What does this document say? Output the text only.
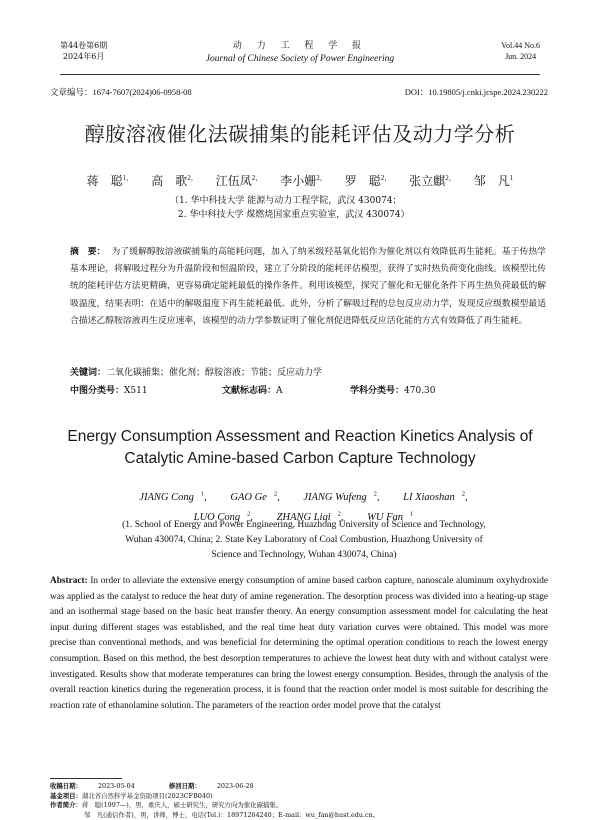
第44卷第6期
2024年6月
动 力 工 程 学 报
Journal of Chinese Society of Power Engineering
Vol.44 No.6
Jun. 2024
文章编号：1674-7607(2024)06-0958-08	DOI：10.19805/j.cnki.jcspe.2024.230222
醇胺溶液催化法碳捕集的能耗评估及动力学分析
蒋　聪$^{1,}$ 高　歌$^{2,}$ 江伍凤$^{2,}$ 李小姗$^{2,}$ 罗　聪$^{2,}$ 张立麒$^{2,}$ 邹　凡$^1$
（1. 华中科技大学 能源与动力工程学院，武汉 430074；
2. 华中科技大学 煤燃烧国家重点实验室，武汉 430074）
摘　要： 为了缓解醇胺溶液碳捕集的高能耗问题，加入了纳米级羟基氧化铝作为催化剂以有效降低再生能耗。基于传热学基本理论，将解吸过程分为升温阶段和恒温阶段，建立了分阶段的能耗评估模型，获得了实时热负荷变化曲线。该模型比传统的能耗评估方法更精确，更容易确定能耗最低的操作条件。利用该模型，探究了催化和无催化条件下再生热负荷最低的解吸温度，结果表明：在适中的解吸温度下再生能耗最低。此外，分析了解吸过程的总包反应动力学，发现反应级数模型最适合描述乙醇胺溶液再生反应速率，该模型的动力学参数证明了催化剂促进降低反应活化能的方式有效降低了再生能耗。
关键词：二氧化碳捕集；催化剂；醇胺溶液；节能；反应动力学
中图分类号：X511	文献标志码：A	学科分类号：470.30
Energy Consumption Assessment and Reaction Kinetics Analysis of
Catalytic Amine-based Carbon Capture Technology
JIANG Cong $^1$, GAO Ge $^2$, JIANG Wufeng $^2$, LI Xiaoshan $^2$,
LUO Cong $^2$, ZHANG Liqi $^2$, WU Fan $^1$
(1. School of Energy and Power Engineering, Huazhong University of Science and Technology,
Wuhan 430074, China; 2. State Key Laboratory of Coal Combustion, Huazhong University of
Science and Technology, Wuhan 430074, China)
Abstract: In order to alleviate the extensive energy consumption of amine based carbon capture, nanoscale aluminum oxyhydroxide was applied as the catalyst to reduce the heat duty of amine regeneration. The desorption process was divided into a heating-up stage and an isothermal stage based on the basic heat transfer theory. An energy consumption assessment model for calculating the heat input during different stages was established, and the real time heat duty variation curves were obtained. This model was more precise than conventional methods, and was beneficial for determining the optimal operation conditions to reach the lowest energy consumption. Based on this method, the best desorption temperatures to achieve the lowest heat duty with and without catalyst were investigated. Results show that moderate temperatures can bring the lowest energy consumption. Besides, through the analysis of the overall reaction kinetics during the regeneration process, it is found that the reaction order model is most suitable for describing the reaction rate of ethanolamine solution. The parameters of the reaction order model prove that the catalyst
收稿日期：	2023-05-04	修回日期：	2023-06-28
基金项目：湖北省自然科学基金资助项目(2023CFB040)
作者简介：蒋　聪(1997—)，男，重庆人，硕士研究生，研究方向为催化碳捕集。
邹　凡(通信作者)，男，讲师，博士，电话(Tel.)：18971264240；E-mail：wu_fan@hust.edu.cn。
